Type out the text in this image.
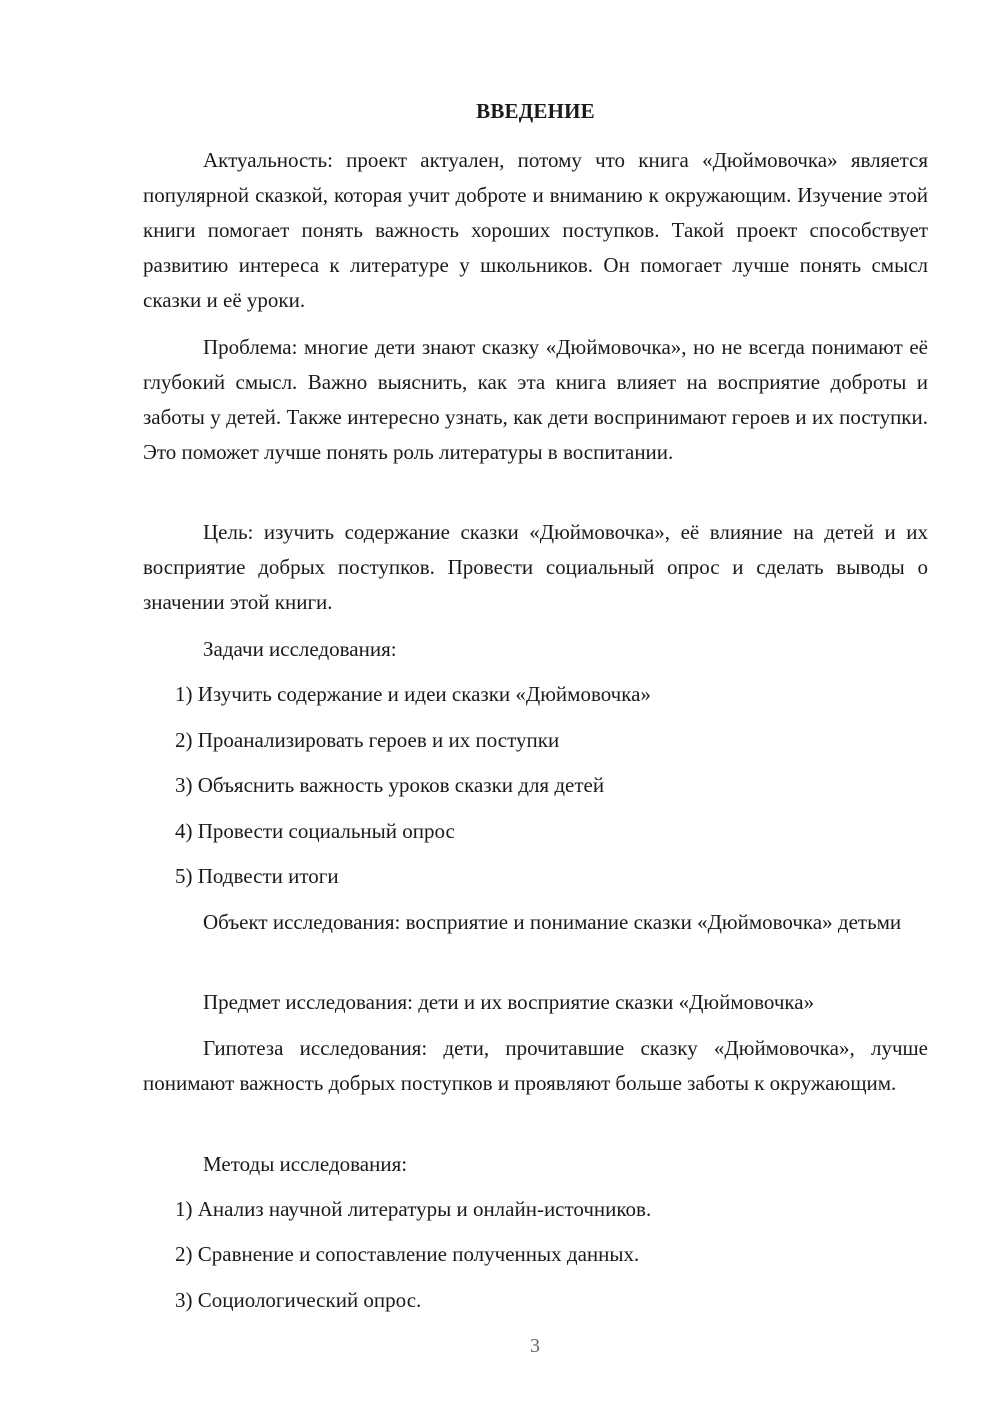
ВВЕДЕНИЕ

Актуальность: проект актуален, потому что книга «Дюймовочка» является популярной сказкой, которая учит доброте и вниманию к окружающим. Изучение этой книги помогает понять важность хороших поступков. Такой проект способствует развитию интереса к литературе у школьников. Он помогает лучше понять смысл сказки и её уроки.

Проблема: многие дети знают сказку «Дюймовочка», но не всегда понимают её глубокий смысл. Важно выяснить, как эта книга влияет на восприятие доброты и заботы у детей. Также интересно узнать, как дети воспринимают героев и их поступки. Это поможет лучше понять роль литературы в воспитании.

Цель: изучить содержание сказки «Дюймовочка», её влияние на детей и их восприятие добрых поступков. Провести социальный опрос и сделать выводы о значении этой книги.

Задачи исследования:

1) Изучить содержание и идеи сказки «Дюймовочка»

2) Проанализировать героев и их поступки

3) Объяснить важность уроков сказки для детей

4) Провести социальный опрос

5) Подвести итоги

Объект исследования: восприятие и понимание сказки «Дюймовочка» детьми

Предмет исследования: дети и их восприятие сказки «Дюймовочка»

Гипотеза исследования: дети, прочитавшие сказку «Дюймовочка», лучше понимают важность добрых поступков и проявляют больше заботы к окружающим.

Методы исследования:

1) Анализ научной литературы и онлайн-источников.

2) Сравнение и сопоставление полученных данных.

3) Социологический опрос.

3
